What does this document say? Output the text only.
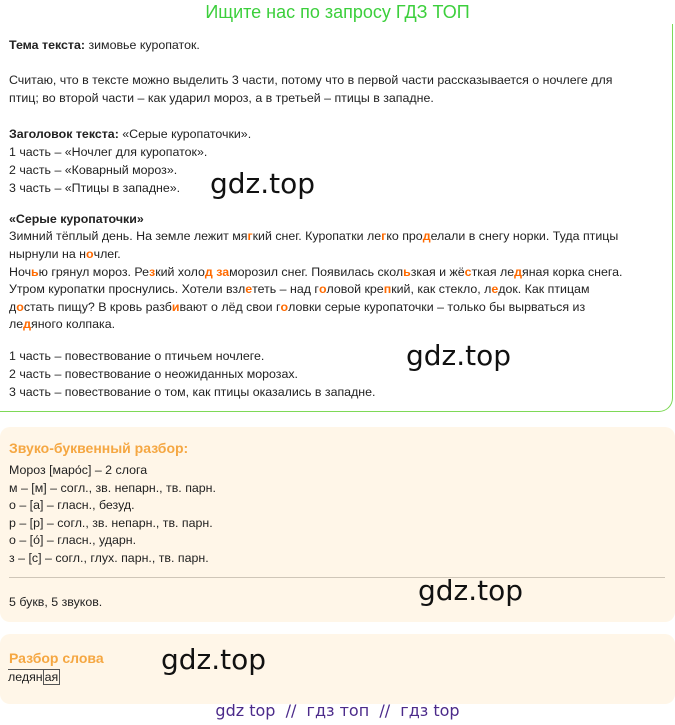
Ищите нас по запросу ГДЗ ТОП
Тема текста: зимовье куропаток.
Считаю, что в тексте можно выделить 3 части, потому что в первой части рассказывается о ночлеге для
птиц; во второй части – как ударил мороз, а в третьей – птицы в западне.
Заголовок текста: «Серые куропаточки».
1 часть – «Ночлег для куропаток».
2 часть – «Коварный мороз».
3 часть – «Птицы в западне».
«Серые куропаточки»
Зимний тёплый день. На земле лежит мягкий снег. Куропатки легко проделали в снегу норки. Туда птицы
нырнули на ночлег.
Ночью грянул мороз. Резкий холод заморозил снег. Появилась скользкая и жёсткая ледяная корка снега.
Утром куропатки проснулись. Хотели взлететь – над головой крепкий, как стекло, ледок. Как птицам
достать пищу? В кровь разбивают о лёд свои головки серые куропаточки – только бы вырваться из
ледяного колпака.
1 часть – повествование о птичьем ночлеге.
2 часть – повествование о неожиданных морозах.
3 часть – повествование о том, как птицы оказались в западне.
Звуко-буквенный разбор:
Мороз [маро́с] – 2 слога
м – [м] – согл., зв. непарн., тв. парн.
о – [а] – гласн., безуд.
р – [р] – согл., зв. непарн., тв. парн.
о – [о́] – гласн., ударн.
з – [с] – согл., глух. парн., тв. парн.
5 букв, 5 звуков.
Разбор слова
ледян ая
gdz.top
gdz.top
gdz.top
gdz.top
gdz top  //  гдз топ  //  гдз top
